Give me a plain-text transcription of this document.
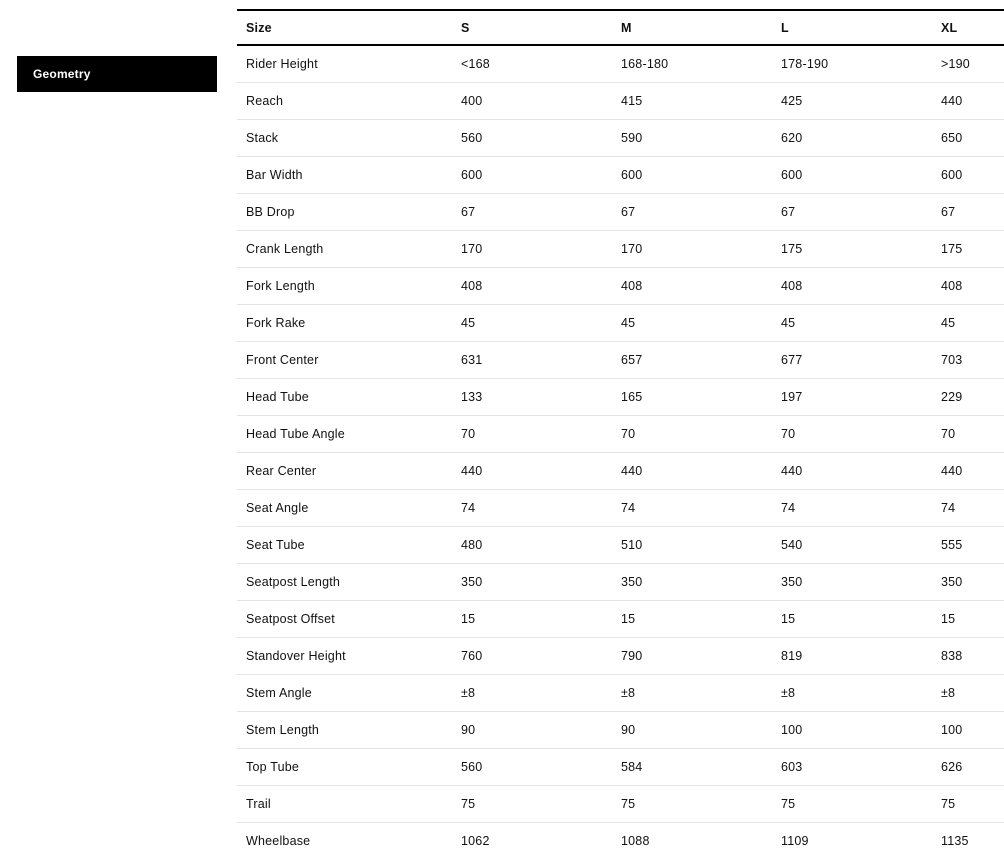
Geometry
Size	S	M	L	XL
Rider Height	<168	168-180	178-190	>190
Reach	400	415	425	440
Stack	560	590	620	650
Bar Width	600	600	600	600
BB Drop	67	67	67	67
Crank Length	170	170	175	175
Fork Length	408	408	408	408
Fork Rake	45	45	45	45
Front Center	631	657	677	703
Head Tube	133	165	197	229
Head Tube Angle	70	70	70	70
Rear Center	440	440	440	440
Seat Angle	74	74	74	74
Seat Tube	480	510	540	555
Seatpost Length	350	350	350	350
Seatpost Offset	15	15	15	15
Standover Height	760	790	819	838
Stem Angle	±8	±8	±8	±8
Stem Length	90	90	100	100
Top Tube	560	584	603	626
Trail	75	75	75	75
Wheelbase	1062	1088	1109	1135
